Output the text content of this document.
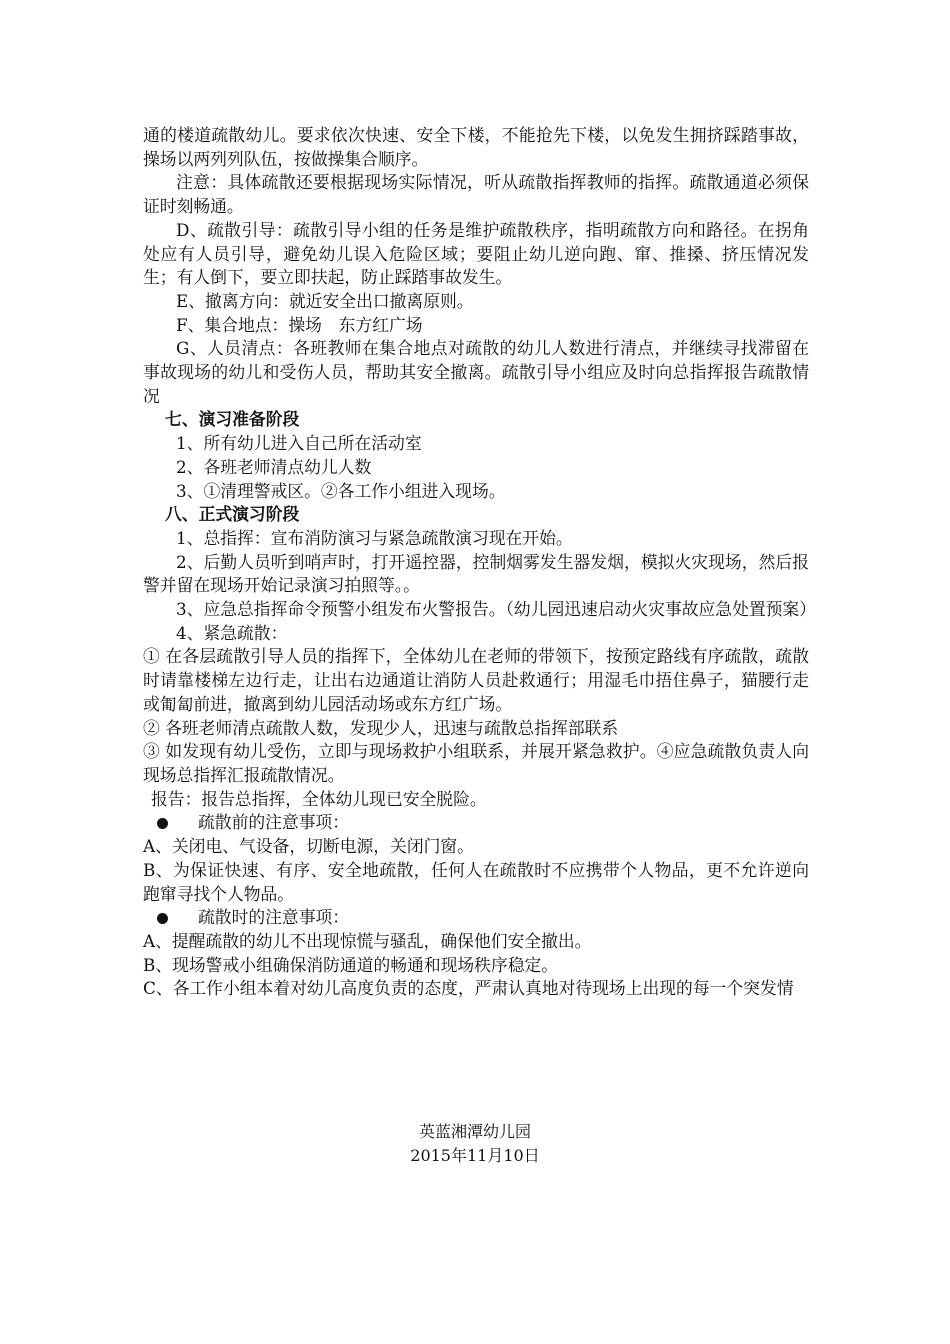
通的楼道疏散幼儿。要求依次快速、安全下楼，不能抢先下楼，以免发生拥挤踩踏事故，操场以两列列队伍，按做操集合顺序。

注意：具体疏散还要根据现场实际情况，听从疏散指挥教师的指挥。疏散通道必须保证时刻畅通。

D、疏散引导：疏散引导小组的任务是维护疏散秩序，指明疏散方向和路径。在拐角处应有人员引导，避免幼儿误入危险区域；要阻止幼儿逆向跑、窜、推搡、挤压情况发生；有人倒下，要立即扶起，防止踩踏事故发生。

E、撤离方向：就近安全出口撤离原则。

F、集合地点：操场　东方红广场

G、人员清点：各班教师在集合地点对疏散的幼儿人数进行清点，并继续寻找滞留在事故现场的幼儿和受伤人员，帮助其安全撤离。疏散引导小组应及时向总指挥报告疏散情况

七、演习准备阶段

1、所有幼儿进入自己所在活动室

2、各班老师清点幼儿人数

3、①清理警戒区。②各工作小组进入现场。

八、正式演习阶段

1、总指挥：宣布消防演习与紧急疏散演习现在开始。

2、后勤人员听到哨声时，打开遥控器，控制烟雾发生器发烟，模拟火灾现场，然后报警并留在现场开始记录演习拍照等。。

3、应急总指挥命令预警小组发布火警报告。（幼儿园迅速启动火灾事故应急处置预案）

4、紧急疏散：

① 在各层疏散引导人员的指挥下，全体幼儿在老师的带领下，按预定路线有序疏散，疏散时请靠楼梯左边行走，让出右边通道让消防人员赴救通行；用湿毛巾捂住鼻子，猫腰行走或匍匐前进，撤离到幼儿园活动场或东方红广场。

② 各班老师清点疏散人数，发现少人，迅速与疏散总指挥部联系

③ 如发现有幼儿受伤，立即与现场救护小组联系，并展开紧急救护。④应急疏散负责人向现场总指挥汇报疏散情况。

报告：报告总指挥，全体幼儿现已安全脱险。

疏散前的注意事项：

A、关闭电、气设备，切断电源，关闭门窗。

B、为保证快速、有序、安全地疏散，任何人在疏散时不应携带个人物品，更不允许逆向跑窜寻找个人物品。

疏散时的注意事项：

A、提醒疏散的幼儿不出现惊慌与骚乱，确保他们安全撤出。

B、现场警戒小组确保消防通道的畅通和现场秩序稳定。

C、各工作小组本着对幼儿高度负责的态度，严肃认真地对待现场上出现的每一个突发情

英蓝湘潭幼儿园

2015年11月10日
